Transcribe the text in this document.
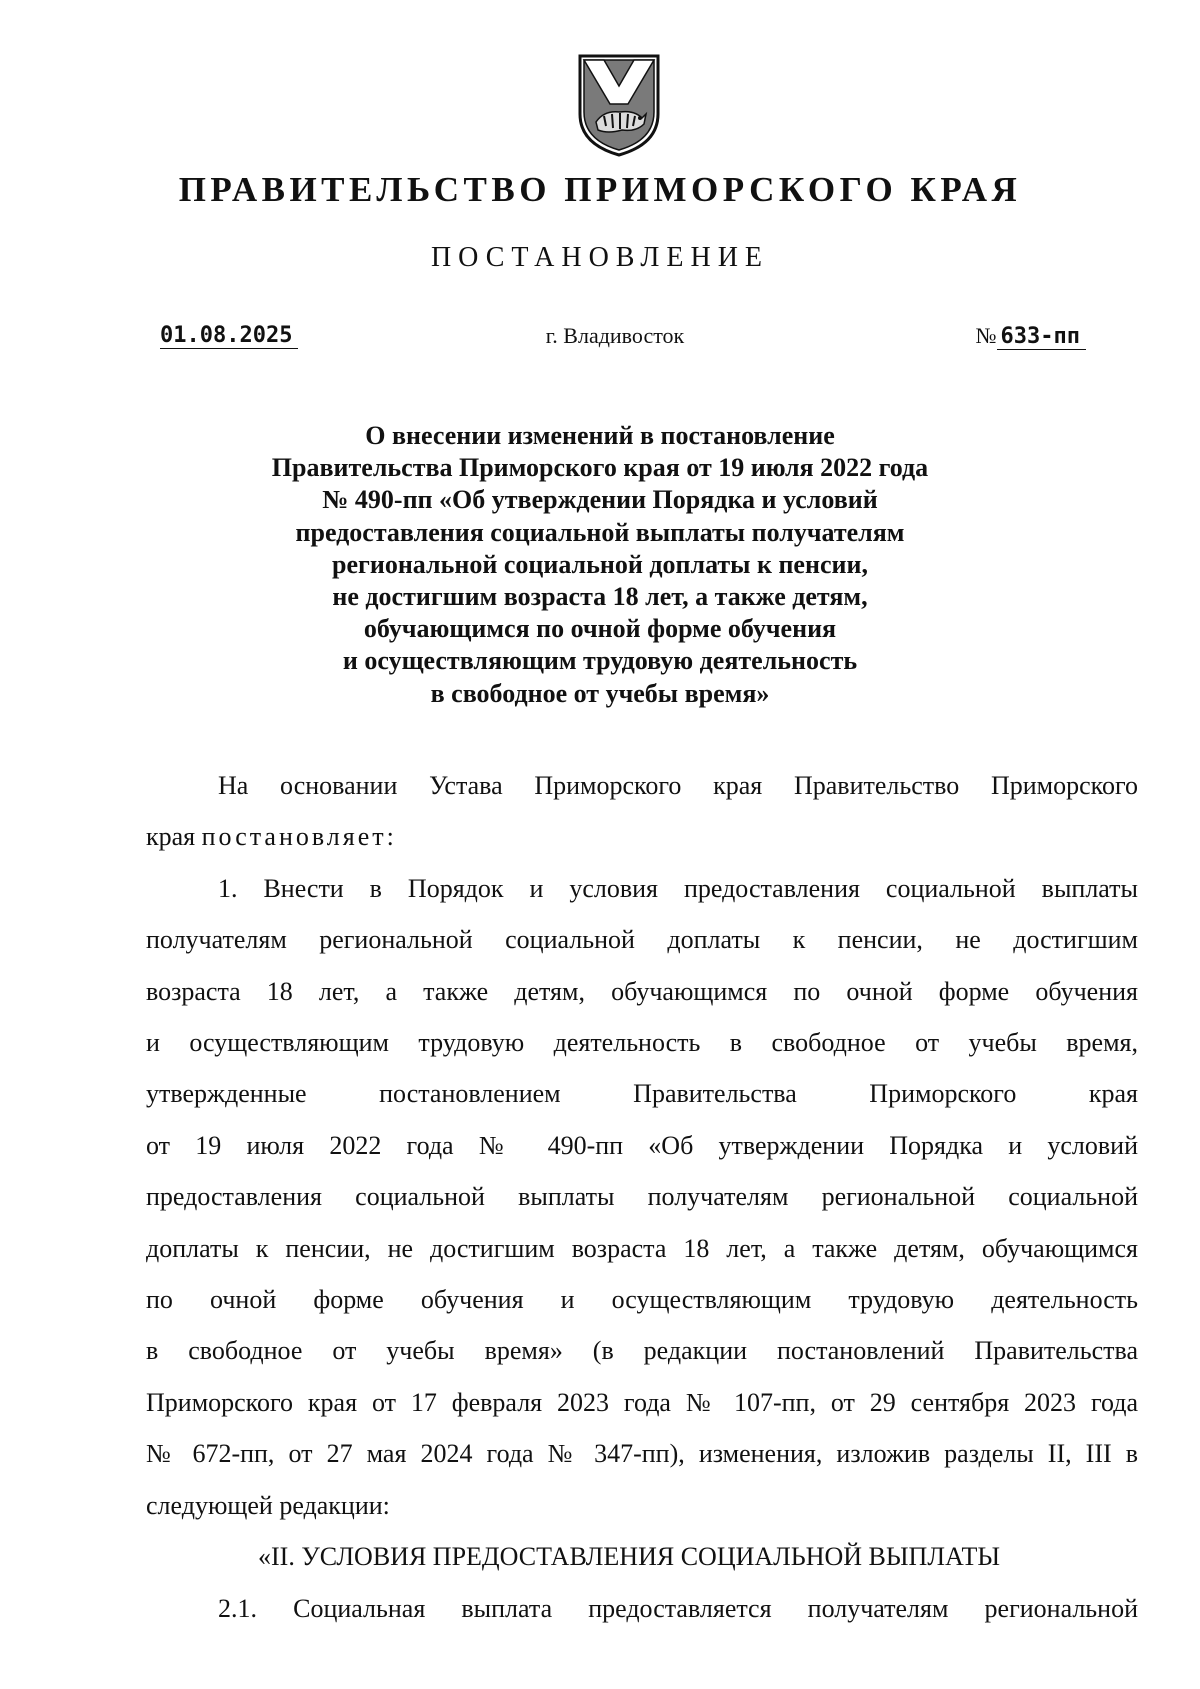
ПРАВИТЕЛЬСТВО ПРИМОРСКОГО КРАЯ
ПОСТАНОВЛЕНИЕ
01.08.2025	г. Владивосток	№ 633-пп
О внесении изменений в постановление
Правительства Приморского края от 19 июля 2022 года
№ 490-пп «Об утверждении Порядка и условий
предоставления социальной выплаты получателям
региональной социальной доплаты к пенсии,
не достигшим возраста 18 лет, а также детям,
обучающимся по очной форме обучения
и осуществляющим трудовую деятельность
в свободное от учебы время»
На основании Устава Приморского края Правительство Приморского
края постановляет:
1. Внести в Порядок и условия предоставления социальной выплаты
получателям региональной социальной доплаты к пенсии, не достигшим
возраста 18 лет, а также детям, обучающимся по очной форме обучения
и осуществляющим трудовую деятельность в свободное от учебы время,
утвержденные постановлением Правительства Приморского края
от 19 июля 2022 года № 490-пп «Об утверждении Порядка и условий
предоставления социальной выплаты получателям региональной социальной
доплаты к пенсии, не достигшим возраста 18 лет, а также детям, обучающимся
по очной форме обучения и осуществляющим трудовую деятельность
в свободное от учебы время» (в редакции постановлений Правительства
Приморского края от 17 февраля 2023 года № 107-пп, от 29 сентября 2023 года
№ 672-пп, от 27 мая 2024 года № 347-пп), изменения, изложив разделы II, III в
следующей редакции:
«II. УСЛОВИЯ ПРЕДОСТАВЛЕНИЯ СОЦИАЛЬНОЙ ВЫПЛАТЫ
2.1. Социальная выплата предоставляется получателям региональной
